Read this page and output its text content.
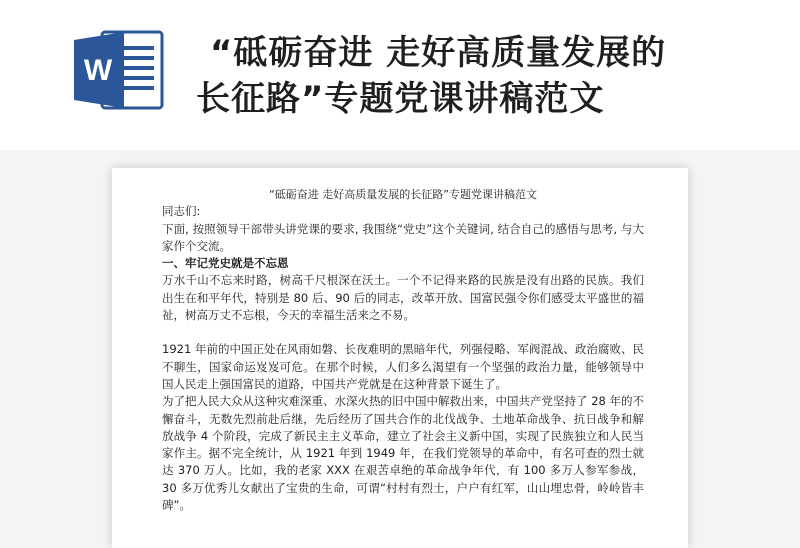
W	“砥砺奋进 走好高质量发展的
长征路”专题党课讲稿范文
“砥砺奋进 走好高质量发展的长征路”专题党课讲稿范文

同志们:

下面, 按照领导干部带头讲党课的要求, 我围绕“党史”这个关键词, 结合自己的感悟与思考, 与大家作个交流。

一、牢记党史就是不忘恩

万水千山不忘来时路，树高千尺根深在沃土。一个不记得来路的民族是没有出路的民族。我们出生在和平年代，特别是 80 后、90 后的同志，改革开放、国富民强令你们感受太平盛世的福祉，树高万丈不忘根，今天的幸福生活来之不易。

1921 年前的中国正处在风雨如磐、长夜难明的黑暗年代，列强侵略、军阀混战、政治腐败、民不聊生，国家命运岌岌可危。在那个时候，人们多么渴望有一个坚强的政治力量，能够领导中国人民走上强国富民的道路，中国共产党就是在这种背景下诞生了。

为了把人民大众从这种灾难深重、水深火热的旧中国中解救出来，中国共产党坚持了 28 年的不懈奋斗，无数先烈前赴后继，先后经历了国共合作的北伐战争、土地革命战争、抗日战争和解放战争 4 个阶段，完成了新民主主义革命，建立了社会主义新中国，实现了民族独立和人民当家作主。据不完全统计，从 1921 年到 1949 年，在我们党领导的革命中，有名可查的烈士就达 370 万人。比如，我的老家 XXX 在艰苦卓绝的革命战争年代，有 100 多万人参军参战，30 多万优秀儿女献出了宝贵的生命，可谓“村村有烈士，户户有红军，山山埋忠骨，岭岭皆丰碑”。
